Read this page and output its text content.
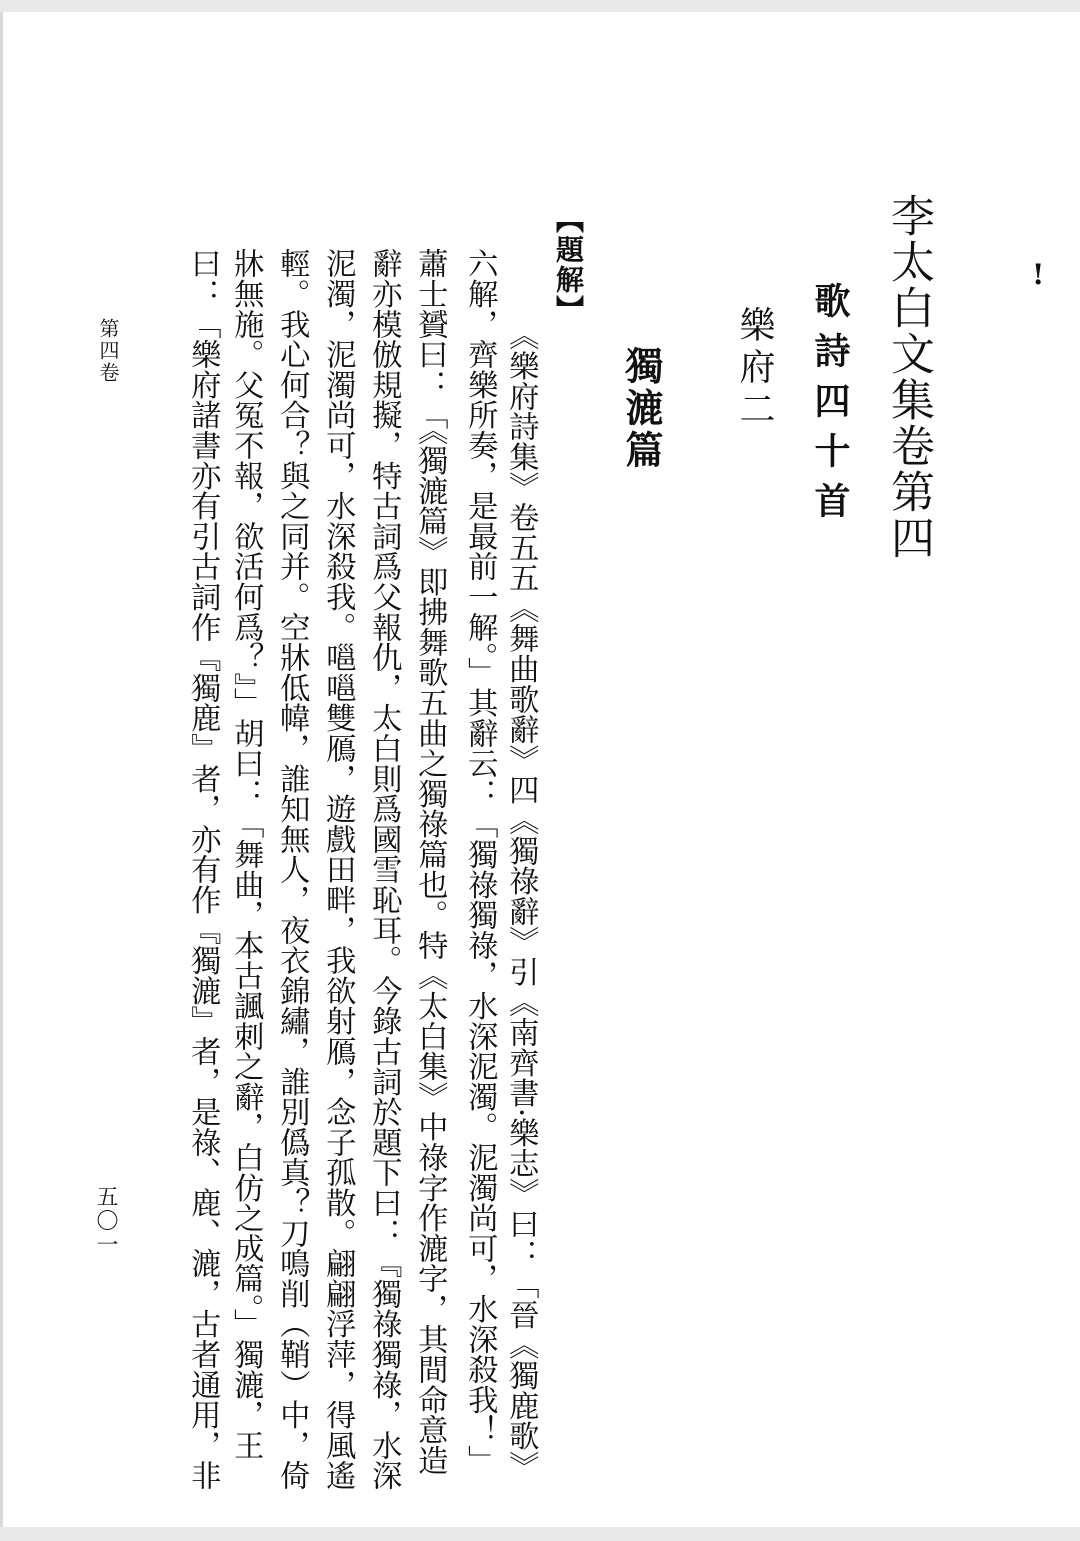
!
李太白文集卷第四
歌詩四十首
樂府二
獨漉篇
【題解】
《樂府詩集》卷五五《舞曲歌辭》四《獨祿辭》引《南齊書·樂志》曰：「晉《獨鹿歌》
六解，齊樂所奏，是最前一解。」其辭云：「獨祿獨祿，水深泥濁。泥濁尚可，水深殺我！」
蕭士贇曰：「《獨漉篇》即拂舞歌五曲之獨祿篇也。特《太白集》中祿字作漉字，其間命意造
辭亦模倣規擬，特古詞爲父報仇，太白則爲國雪恥耳。今錄古詞於題下曰：『獨祿獨祿，水深
泥濁，泥濁尚可，水深殺我。嗈嗈雙鴈，遊戲田畔，我欲射鴈，念子孤散。翩翩浮萍，得風遙
輕。我心何合？與之同并。空牀低幃，誰知無人，夜衣錦繡，誰別僞真？刀鳴削（鞘）中，倚
牀無施。父冤不報，欲活何爲？』」胡曰：「舞曲，本古諷刺之辭，白仿之成篇。」獨漉，王
曰：「樂府諸書亦有引古詞作『獨鹿』者，亦有作『獨漉』者，是祿、鹿、漉，古者通用，非
第四卷
五〇一
